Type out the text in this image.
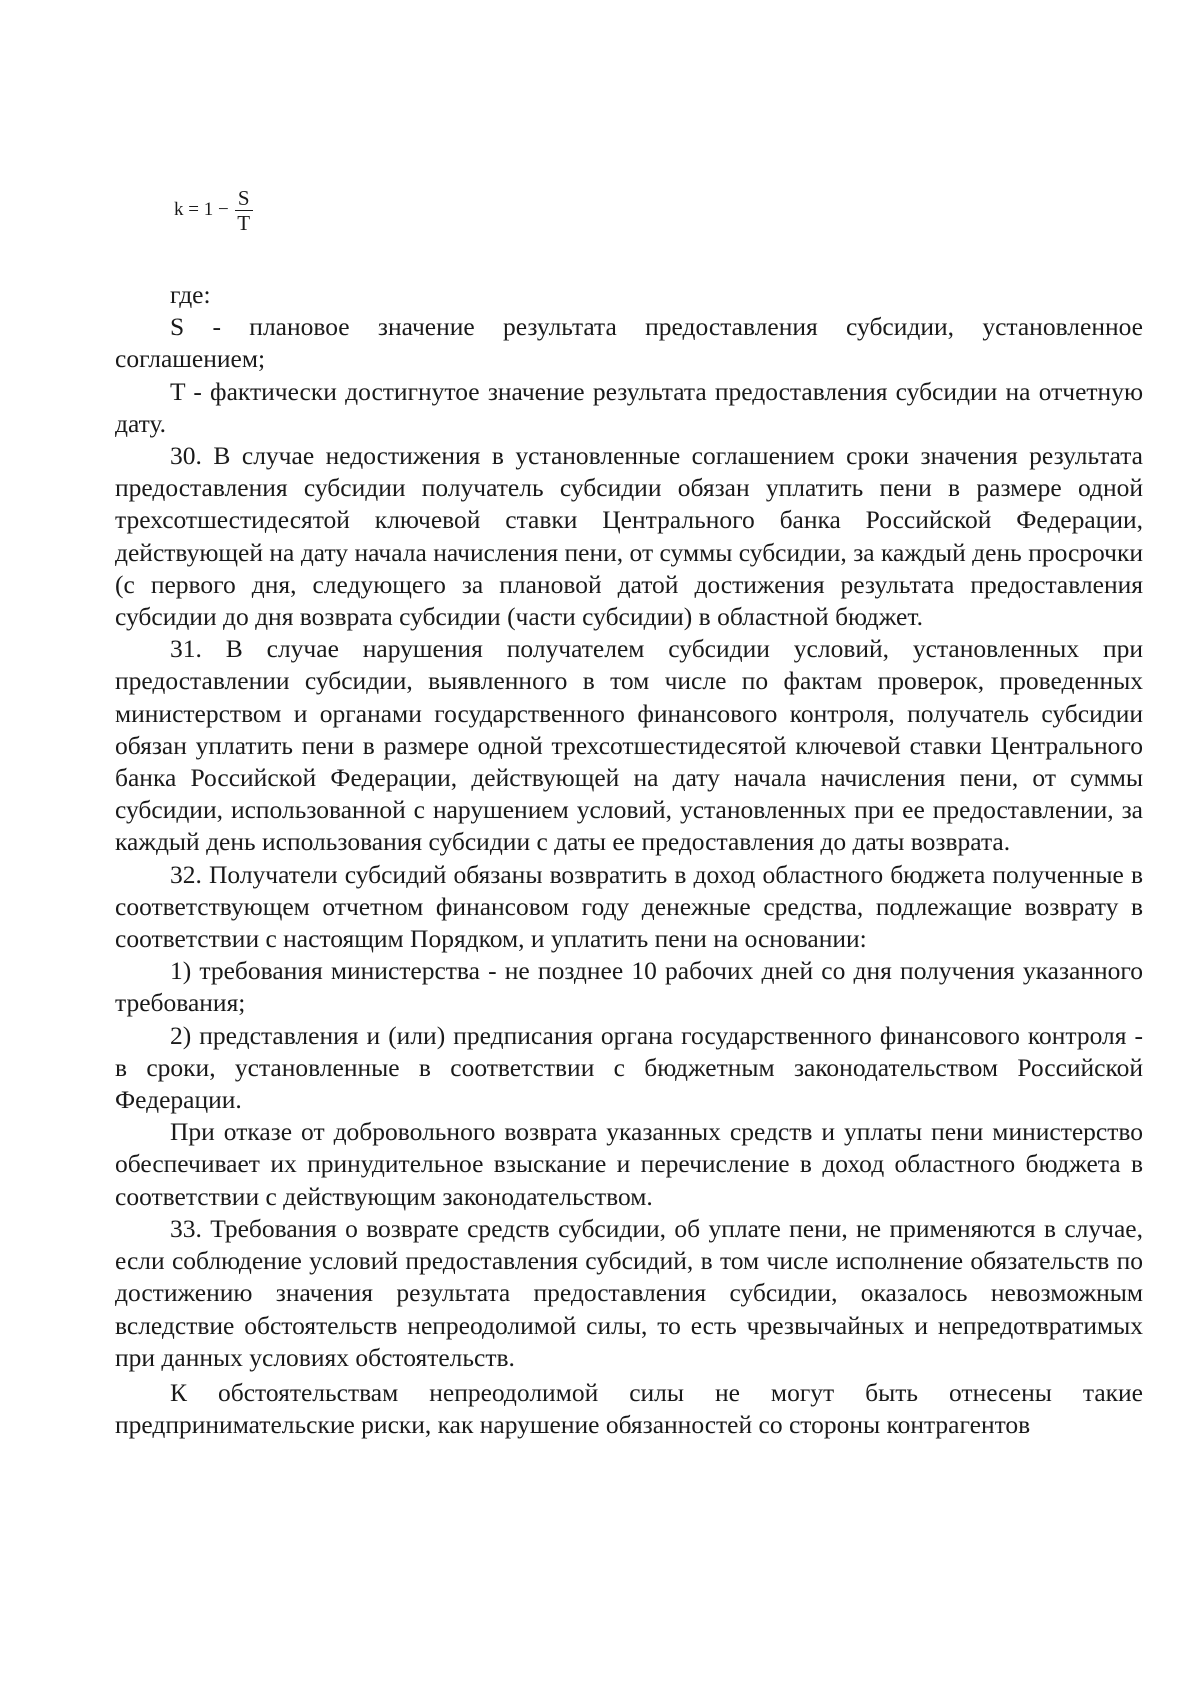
$k = 1 - \frac{S}{T}$

где:

S - плановое значение результата предоставления субсидии, установленное соглашением;

T - фактически достигнутое значение результата предоставления субсидии на отчетную дату.

30. В случае недостижения в установленные соглашением сроки значения результата предоставления субсидии получатель субсидии обязан уплатить пени в размере одной трехсотшестидесятой ключевой ставки Центрального банка Российской Федерации, действующей на дату начала начисления пени, от суммы субсидии, за каждый день просрочки (с первого дня, следующего за плановой датой достижения результата предоставления субсидии до дня возврата субсидии (части субсидии) в областной бюджет.

31. В случае нарушения получателем субсидии условий, установленных при предоставлении субсидии, выявленного в том числе по фактам проверок, проведенных министерством и органами государственного финансового контроля, получатель субсидии обязан уплатить пени в размере одной трехсотшестидесятой ключевой ставки Центрального банка Российской Федерации, действующей на дату начала начисления пени, от суммы субсидии, использованной с нарушением условий, установленных при ее предоставлении, за каждый день использования субсидии с даты ее предоставления до даты возврата.

32. Получатели субсидий обязаны возвратить в доход областного бюджета полученные в соответствующем отчетном финансовом году денежные средства, подлежащие возврату в соответствии с настоящим Порядком, и уплатить пени на основании:

1) требования министерства - не позднее 10 рабочих дней со дня получения указанного требования;

2) представления и (или) предписания органа государственного финансового контроля - в сроки, установленные в соответствии с бюджетным законодательством Российской Федерации.

При отказе от добровольного возврата указанных средств и уплаты пени министерство обеспечивает их принудительное взыскание и перечисление в доход областного бюджета в соответствии с действующим законодательством.

33. Требования о возврате средств субсидии, об уплате пени, не применяются в случае, если соблюдение условий предоставления субсидий, в том числе исполнение обязательств по достижению значения результата предоставления субсидии, оказалось невозможным вследствие обстоятельств непреодолимой силы, то есть чрезвычайных и непредотвратимых при данных условиях обстоятельств.

К обстоятельствам непреодолимой силы не могут быть отнесены такие предпринимательские риски, как нарушение обязанностей со стороны контрагентов
